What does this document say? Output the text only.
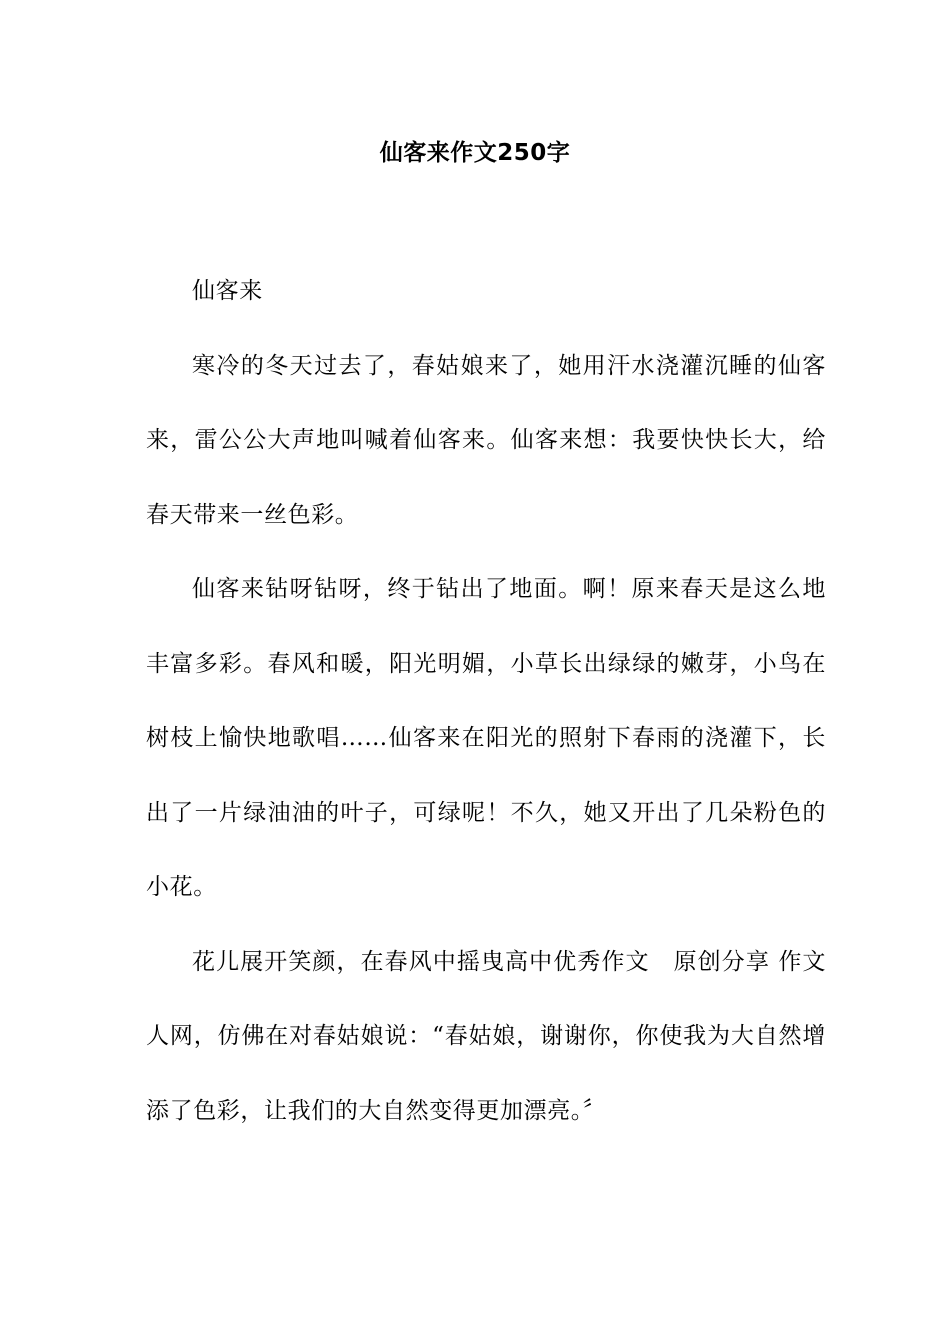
仙客来作文250字

仙客来

寒冷的冬天过去了，春姑娘来了，她用汗水浇灌沉睡的仙客来，雷公公大声地叫喊着仙客来。仙客来想：我要快快长大，给春天带来一丝色彩。

仙客来钻呀钻呀，终于钻出了地面。啊！原来春天是这么地丰富多彩。春风和暖，阳光明媚，小草长出绿绿的嫩芽，小鸟在树枝上愉快地歌唱……仙客来在阳光的照射下春雨的浇灌下，长出了一片绿油油的叶子，可绿呢！不久，她又开出了几朵粉色的小花。

花儿展开笑颜，在春风中摇曳高中优秀作文　原创分享 作文人网，仿佛在对春姑娘说：“春姑娘，谢谢你，你使我为大自然增添了色彩，让我们的大自然变得更加漂亮。〞
